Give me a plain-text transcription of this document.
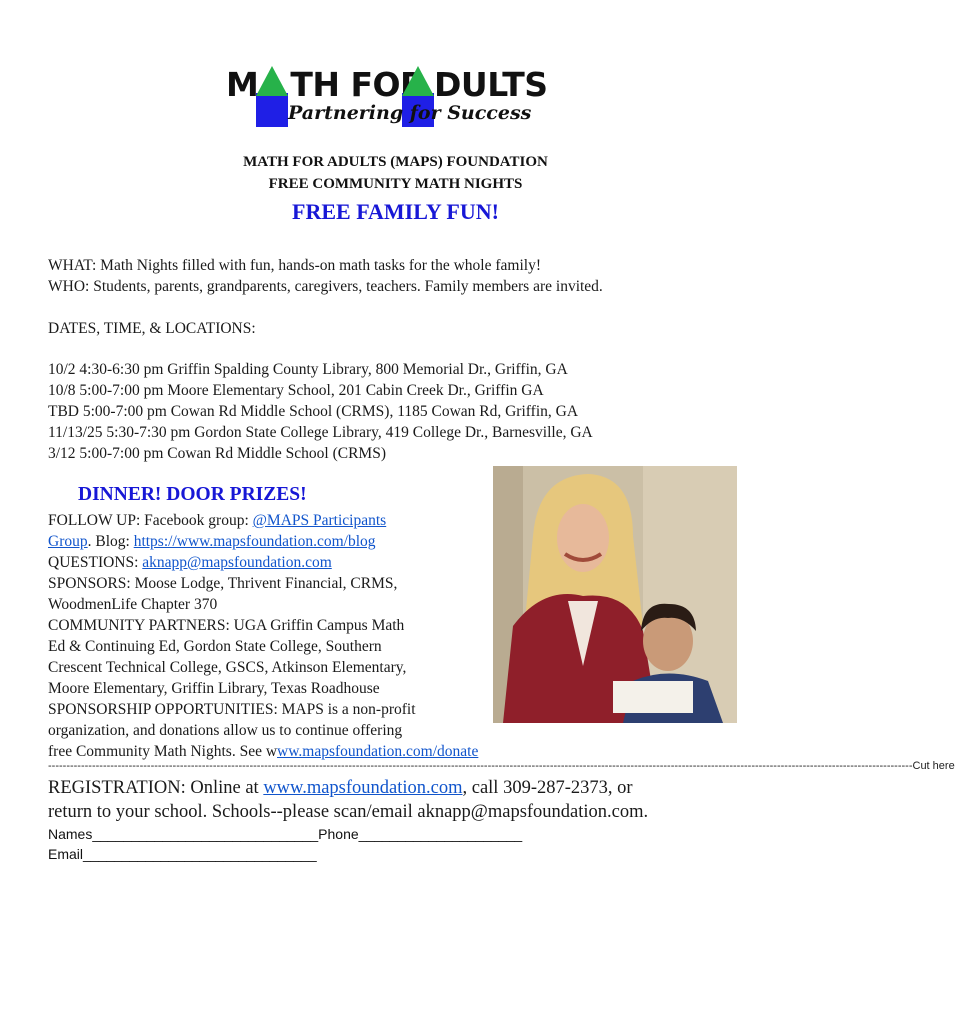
M TH FOR DULTS
Partnering for Success
MATH FOR ADULTS (MAPS) FOUNDATION
FREE COMMUNITY MATH NIGHTS
FREE FAMILY FUN!
WHAT: Math Nights filled with fun, hands-on math tasks for the whole family!
WHO: Students, parents, grandparents, caregivers, teachers. Family members are invited.
DATES, TIME, & LOCATIONS:
10/2 4:30-6:30 pm Griffin Spalding County Library, 800 Memorial Dr., Griffin, GA
10/8 5:00-7:00 pm Moore Elementary School, 201 Cabin Creek Dr., Griffin GA
TBD 5:00-7:00 pm Cowan Rd Middle School (CRMS), 1185 Cowan Rd, Griffin, GA
11/13/25 5:30-7:30 pm Gordon State College Library, 419 College Dr., Barnesville, GA
3/12 5:00-7:00 pm Cowan Rd Middle School (CRMS)
DINNER! DOOR PRIZES!
FOLLOW UP: Facebook group: @MAPS Participants
Group. Blog: https://www.mapsfoundation.com/blog
QUESTIONS: aknapp@mapsfoundation.com
SPONSORS: Moose Lodge, Thrivent Financial, CRMS,
WoodmenLife Chapter 370
COMMUNITY PARTNERS: UGA Griffin Campus Math
Ed & Continuing Ed, Gordon State College, Southern
Crescent Technical College, GSCS, Atkinson Elementary,
Moore Elementary, Griffin Library, Texas Roadhouse
SPONSORSHIP OPPORTUNITIES: MAPS is a non-profit
organization, and donations allow us to continue offering
free Community Math Nights. See www.mapsfoundation.com/donate
-------------------------------------------------------------------------------------------------------------------------------------------------------------------------------------------------------------------------------------------- Cut here
REGISTRATION: Online at www.mapsfoundation.com, call 309-287-2373, or
return to your school. Schools--please scan/email aknapp@mapsfoundation.com.
Names_____________________________Phone_____________________
Email______________________________
